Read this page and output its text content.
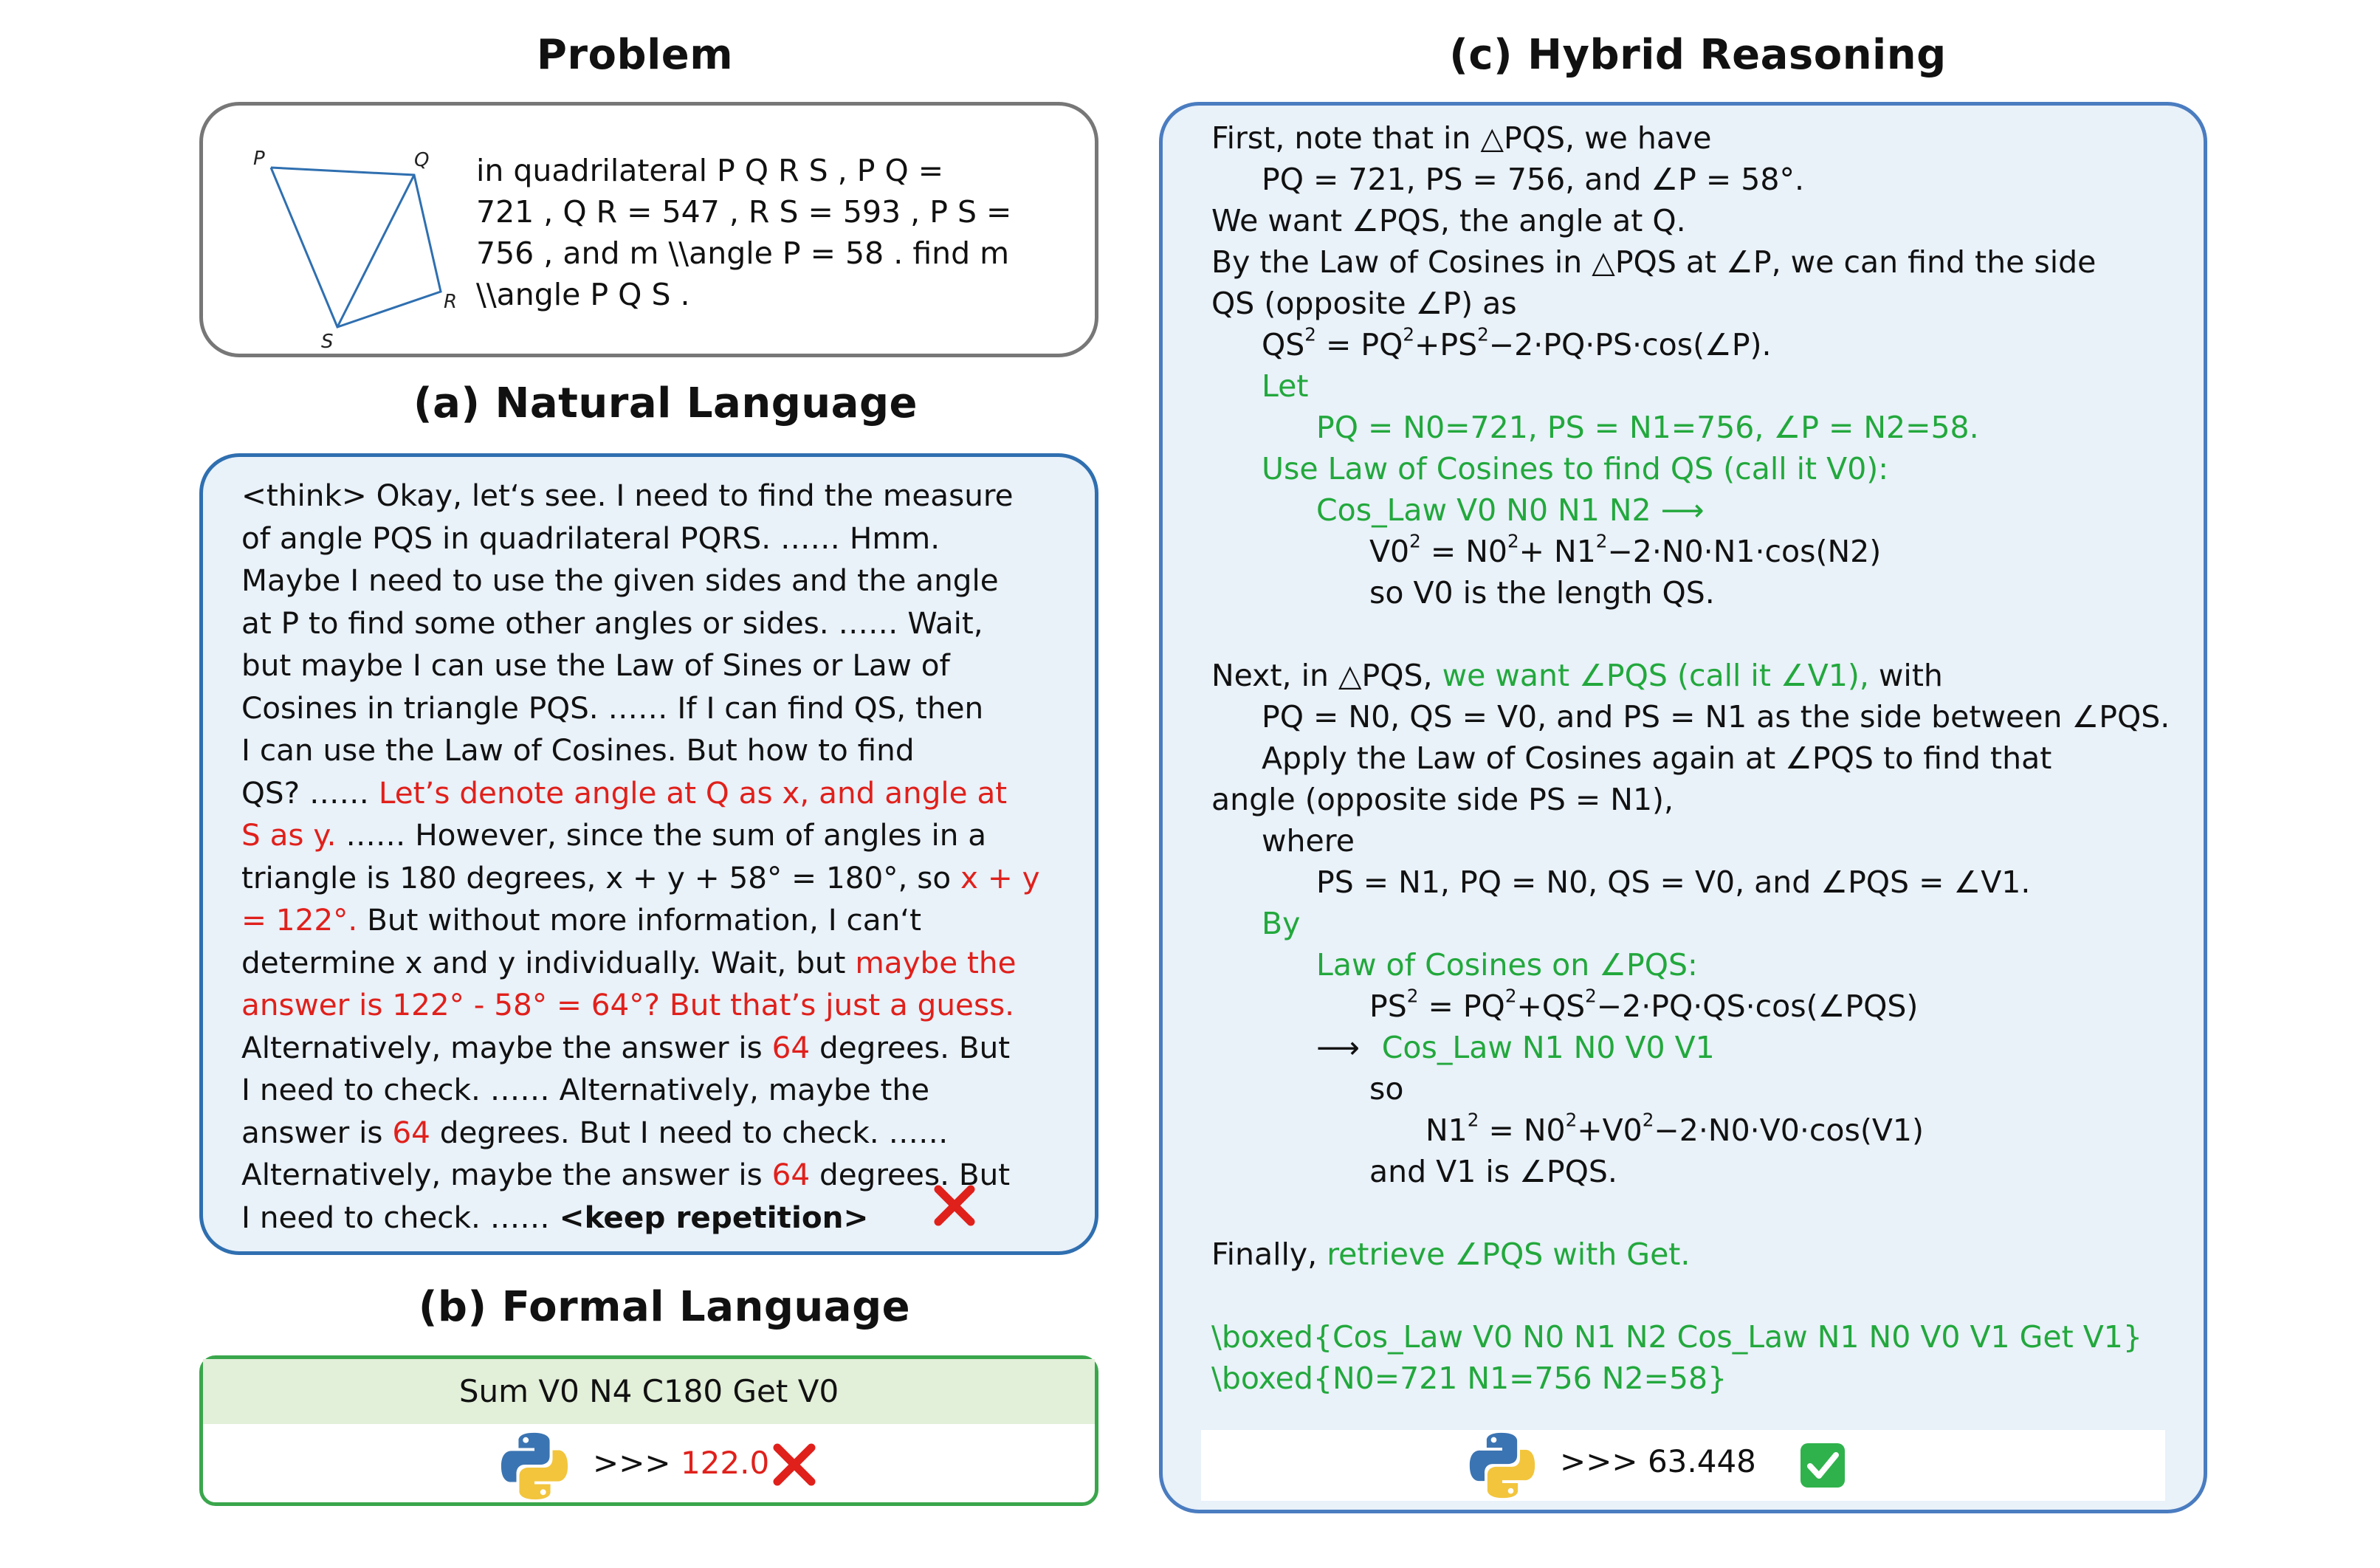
Problem
(a) Natural Language
(b) Formal Language
(c) Hybrid Reasoning
P	Q
R
S
in quadrilateral P Q R S , P Q =
721 , Q R = 547 , R S = 593 , P S =
756 , and m \\angle P = 58 . find m
\\angle P Q S .
<think> Okay, let‘s see. I need to find the measure
of angle PQS in quadrilateral PQRS. …… Hmm.
Maybe I need to use the given sides and the angle
at P to find some other angles or sides. …… Wait,
but maybe I can use the Law of Sines or Law of
Cosines in triangle PQS. …… If I can find QS, then
I can use the Law of Cosines. But how to find
QS? …… Let’s denote angle at Q as x, and angle at
S as y. …… However, since the sum of angles in a
triangle is 180 degrees, x + y + 58° = 180°, so x + y
= 122°. But without more information, I can‘t
determine x and y individually. Wait, but maybe the
answer is 122° - 58° = 64°? But that’s just a guess.
Alternatively, maybe the answer is 64 degrees. But
I need to check. …… Alternatively, maybe the
answer is 64 degrees. But I need to check. ……
Alternatively, maybe the answer is 64 degrees. But
I need to check. …… <keep repetition>
Sum V0 N4 C180 Get V0
>>> 122.0
First, note that in △PQS, we have
PQ = 721, PS = 756, and ∠P = 58°.
We want ∠PQS, the angle at Q.
By the Law of Cosines in △PQS at ∠P, we can find the side
QS (opposite ∠P) as
$QS^2$ = $PQ^2+PS^2-2\cdot PQ\cdot PS\cdot\cos(\angle P)$.
Let
PQ = N0=721, PS = N1=756, ∠P = N2=58.
Use Law of Cosines to find QS (call it V0):
Cos_Law V0 N0 N1 N2 ⟶
$V0^2 = N0^2+ N1^2-2\cdot N0\cdot N1\cdot\cos(N2)$
so V0 is the length QS.
Next, in △PQS, we want ∠PQS (call it ∠V1), with
PQ = N0, QS = V0, and PS = N1 as the side between ∠PQS.
Apply the Law of Cosines again at ∠PQS to find that
angle (opposite side PS = N1),
where
PS = N1, PQ = N0, QS = V0, and ∠PQS = ∠V1.
By
Law of Cosines on ∠PQS:
$PS^2$ = $PQ^2+QS^2-2\cdot PQ\cdot QS\cdot\cos(\angle PQS)$
⟶ Cos_Law N1 N0 V0 V1
so
$N1^2 = N0^2+V0^2-2\cdot N0\cdot V0\cdot\cos(V1)$
and V1 is ∠PQS.
Finally, retrieve ∠PQS with Get.
\boxed{Cos_Law V0 N0 N1 N2 Cos_Law N1 N0 V0 V1 Get V1}
\boxed{N0=721 N1=756 N2=58}
>>> 63.448
